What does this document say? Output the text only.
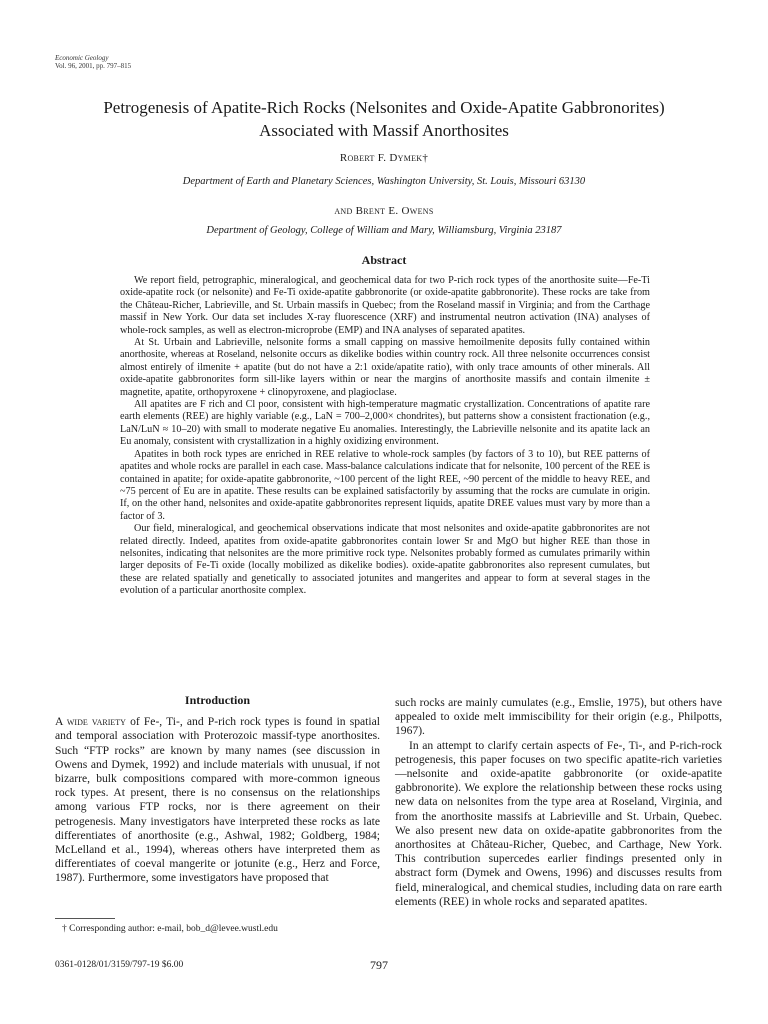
Economic Geology
Vol. 96, 2001, pp. 797–815
Petrogenesis of Apatite-Rich Rocks (Nelsonites and Oxide-Apatite Gabbronorites)
Associated with Massif Anorthosites
Robert F. Dymek†
Department of Earth and Planetary Sciences, Washington University, St. Louis, Missouri 63130
and Brent E. Owens
Department of Geology, College of William and Mary, Williamsburg, Virginia 23187
Abstract

We report field, petrographic, mineralogical, and geochemical data for two P-rich rock types of the anorthosite suite—Fe-Ti oxide-apatite rock (or nelsonite) and Fe-Ti oxide-apatite gabbronorite (or oxide-apatite gabbronorite). These rocks are take from the Château-Richer, Labrieville, and St. Urbain massifs in Quebec; from the Roseland massif in Virginia; and from the Carthage massif in New York. Our data set includes X-ray fluorescence (XRF) and instrumental neutron activation (INA) analyses of whole-rock samples, as well as electron-microprobe (EMP) and INA analyses of separated apatites.

At St. Urbain and Labrieville, nelsonite forms a small capping on massive hemoilmenite deposits fully contained within anorthosite, whereas at Roseland, nelsonite occurs as dikelike bodies within country rock. All three nelsonite occurrences consist almost entirely of ilmenite + apatite (but do not have a 2:1 oxide/apatite ratio), with only trace amounts of other minerals. All oxide-apatite gabbronorites form sill-like layers within or near the margins of anorthosite massifs and contain ilmenite ± magnetite, apatite, orthopyroxene + clinopyroxene, and plagioclase.

All apatites are F rich and Cl poor, consistent with high-temperature magmatic crystallization. Concentrations of apatite rare earth elements (REE) are highly variable (e.g., LaN = 700–2,000× chondrites), but patterns show a consistent fractionation (e.g., LaN/LuN ≈ 10–20) with small to moderate negative Eu anomalies. Interestingly, the Labrieville nelsonite and its apatite lack an Eu anomaly, consistent with crystallization in a highly oxidizing environment.

Apatites in both rock types are enriched in REE relative to whole-rock samples (by factors of 3 to 10), but REE patterns of apatites and whole rocks are parallel in each case. Mass-balance calculations indicate that for nelsonite, 100 percent of the REE is contained in apatite; for oxide-apatite gabbronorite, ~100 percent of the light REE, ~90 percent of the middle to heavy REE, and ~75 percent of Eu are in apatite. These results can be explained satisfactorily by assuming that the rocks are cumulate in origin. If, on the other hand, nelsonites and oxide-apatite gabbronorites represent liquids, apatite DREE values must vary by more than a factor of 3.

Our field, mineralogical, and geochemical observations indicate that most nelsonites and oxide-apatite gabbronorites are not related directly. Indeed, apatites from oxide-apatite gabbronorites contain lower Sr and MgO but higher REE than those in nelsonites, indicating that nelsonites are the more primitive rock type. Nelsonites probably formed as cumulates primarily within larger deposits of Fe-Ti oxide (locally mobilized as dikelike bodies). oxide-apatite gabbronorites also represent cumulates, but these are related spatially and genetically to associated jotunites and mangerites and appear to form at several stages in the evolution of a particular anorthosite complex.

Introduction

A wide variety of Fe-, Ti-, and P-rich rock types is found in spatial and temporal association with Proterozoic massif-type anorthosites. Such “FTP rocks” are known by many names (see discussion in Owens and Dymek, 1992) and include materials with unusual, if not bizarre, bulk compositions compared with more-common igneous rock types. At present, there is no consensus on the relationships among various FTP rocks, nor is there agreement on their petrogenesis. Many investigators have interpreted these rocks as late differentiates of anorthosite (e.g., Ashwal, 1982; Goldberg, 1984; McLelland et al., 1994), whereas others have interpreted them as differentiates of coeval mangerite or jotunite (e.g., Herz and Force, 1987). Furthermore, some investigators have proposed that

such rocks are mainly cumulates (e.g., Emslie, 1975), but others have appealed to oxide melt immiscibility for their origin (e.g., Philpotts, 1967).

In an attempt to clarify certain aspects of Fe-, Ti-, and P-rich-rock petrogenesis, this paper focuses on two specific apatite-rich varieties—nelsonite and oxide-apatite gabbronorite (or oxide-apatite gabbronorite). We explore the relationship between these rocks using new data on nelsonites from the type area at Roseland, Virginia, and from the anorthosite massifs at Labrieville and St. Urbain, Quebec. We also present new data on oxide-apatite gabbronorites from the anorthosites at Château-Richer, Quebec, and Carthage, New York. This contribution supercedes earlier findings presented only in abstract form (Dymek and Owens, 1996) and discusses results from field, mineralogical, and chemical studies, including data on rare earth elements (REE) in whole rocks and separated apatites.

† Corresponding author: e-mail, bob_d@levee.wustl.edu
0361-0128/01/3159/797-19 $6.00	797
